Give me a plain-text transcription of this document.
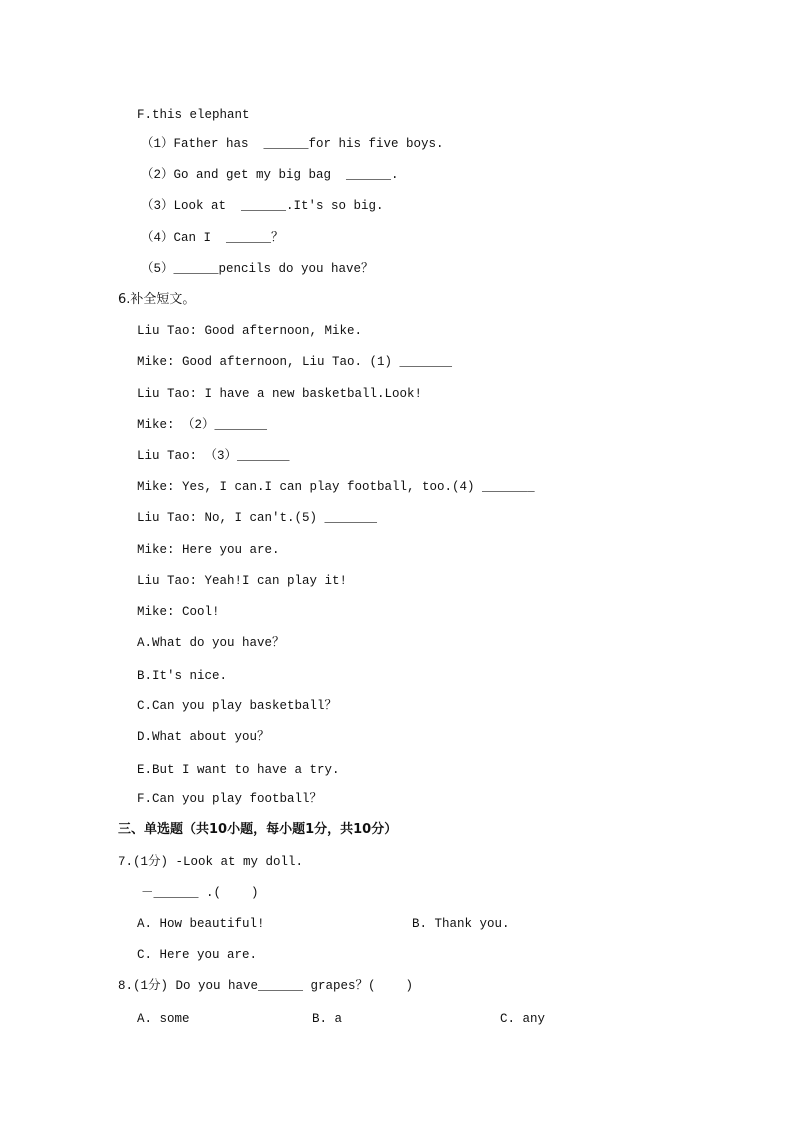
F.this elephant
（1）Father has  ______for his five boys.
（2）Go and get my big bag  ______.
（3）Look at  ______.It's so big.
（4）Can I  ______？
（5）______pencils do you have？
6.补全短文。
Liu Tao: Good afternoon, Mike.
Mike: Good afternoon, Liu Tao. (1) _______
Liu Tao: I have a new basketball.Look!
Mike: （2）_______
Liu Tao: （3）_______
Mike: Yes, I can.I can play football, too.(4) _______
Liu Tao: No, I can't.(5) _______
Mike: Here you are.
Liu Tao: Yeah!I can play it!
Mike: Cool!
A.What do you have？
B.It's nice.
C.Can you play basketball？
D.What about you？
E.But I want to have a try.
F.Can you play football？
三、单选题（共10小题，每小题1分，共10分）
7.(1分) -Look at my doll.
－______ .(    )
A. How beautiful!	B. Thank you.
C. Here you are.
8.(1分) Do you have______ grapes？(    )
A. some	B. a	C. any
